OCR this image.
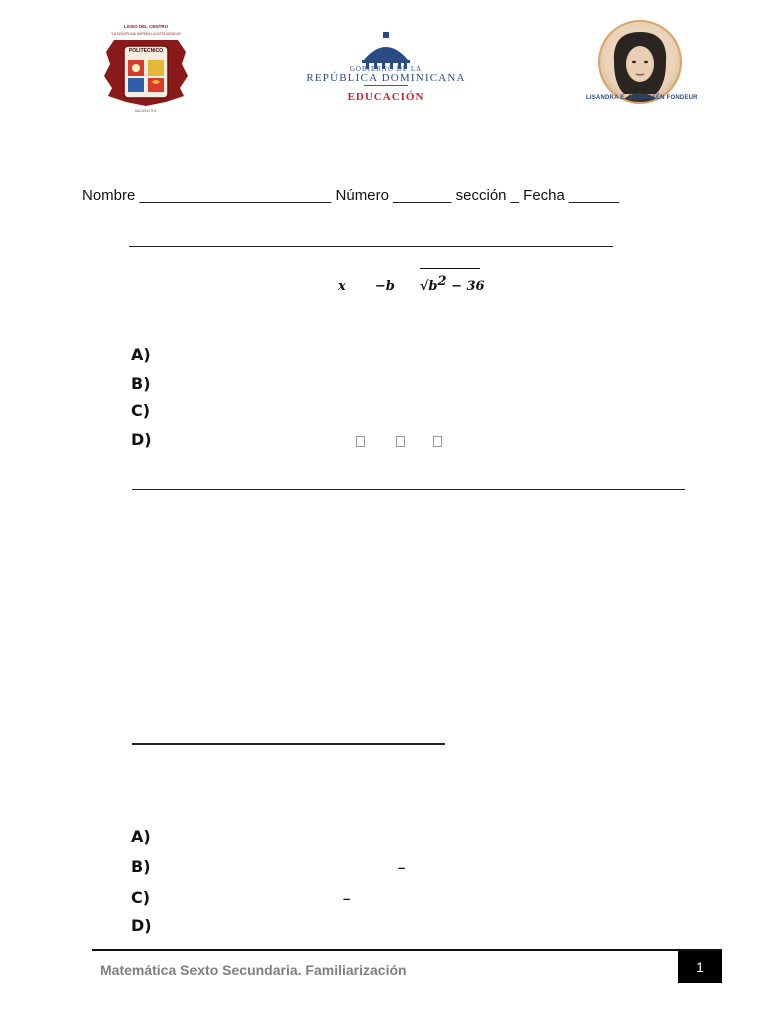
LICEO DEL CENTRO
"LA DISCIPLINA SUPERA LA INTELIGENCIA"
POLITECNICO
SALCEDO R.D.
GOBIERNO DE LA
REPÚBLICA DOMINICANA
EDUCACIÓN	LISANDRA E. GERMOSÉN FONDEUR
Nombre _______________________ Número _______ sección _ Fecha ______
x −b $√b^2 - 36$
A)
B)
C)
D)
A)
B)
C)
D)
–
–
Matemática Sexto Secundaria. Familiarización	1
